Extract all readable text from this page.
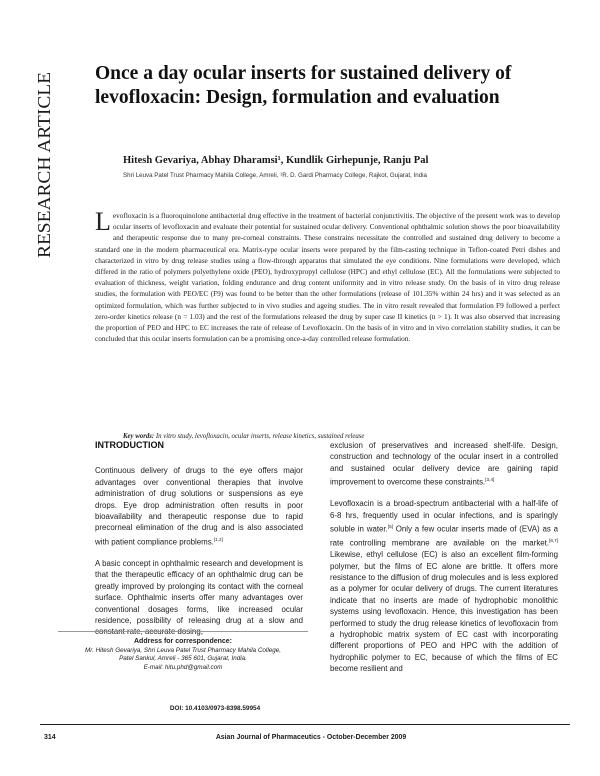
RESEARCH ARTICLE
Once a day ocular inserts for sustained delivery of levofloxacin: Design, formulation and evaluation

Hitesh Gevariya, Abhay Dharamsi¹, Kundlik Girhepunje, Ranju Pal

Shri Leuva Patel Trust Pharmacy Mahila College, Amreli, ¹R. D. Gardi Pharmacy College, Rajkot, Gujarat, India

L evofloxacin is a fluoroquinolone antibacterial drug effective in the treatment of bacterial conjunctivitis. The objective of the present work was to develop ocular inserts of levofloxacin and evaluate their potential for sustained ocular delivery. Conventional ophthalmic solution shows the poor bioavailability and therapeutic response due to many pre-corneal constraints. These constrains necessitate the controlled and sustained drug delivery to become a standard one in the modern pharmaceutical era. Matrix-type ocular inserts were prepared by the film-casting technique in Teflon-coated Petri dishes and characterized in vitro by drug release studies using a flow-through apparatus that simulated the eye conditions. Nine formulations were developed, which differed in the ratio of polymers polyethylene oxide (PEO), hydroxypropyl cellulose (HPC) and ethyl cellulose (EC). All the formulations were subjected to evaluation of thickness, weight variation, folding endurance and drug content uniformity and in vitro release study. On the basis of in vitro drug release studies, the formulation with PEO/EC (F9) was found to be better than the other formulations (release of 101.35% within 24 hrs) and it was selected as an optimized formulation, which was further subjected to in vivo studies and ageing studies. The in vitro result revealed that formulation F9 followed a perfect zero-order kinetics release (n = 1.03) and the rest of the formulations released the drug by super case II kinetics (n > 1). It was also observed that increasing the proportion of PEO and HPC to EC increases the rate of release of Levofloxacin. On the basis of in vitro and in vivo correlation stability studies, it can be concluded that this ocular inserts formulation can be a promising once-a-day controlled release formulation.

Key words: In vitro study, levofloxacin, ocular inserts, release kinetics, sustained release

INTRODUCTION

Continuous delivery of drugs to the eye offers major advantages over conventional therapies that involve administration of drug solutions or suspensions as eye drops. Eye drop administration often results in poor bioavailability and therapeutic response due to rapid precorneal elimination of the drug and is also associated with patient compliance problems.[1,2]

A basic concept in ophthalmic research and development is that the therapeutic efficacy of an ophthalmic drug can be greatly improved by prolonging its contact with the corneal surface. Ophthalmic inserts offer many advantages over conventional dosages forms, like increased ocular residence, possibility of releasing drug at a slow and constant rate, accurate dosing,

exclusion of preservatives and increased shelf-life. Design, construction and technology of the ocular insert in a controlled and sustained ocular delivery device are gaining rapid improvement to overcome these constraints.[3,4]

Levofloxacin is a broad-spectrum antibacterial with a half-life of 6-8 hrs, frequently used in ocular infections, and is sparingly soluble in water.[5] Only a few ocular inserts made of (EVA) as a rate controlling membrane are available on the market.[6,7] Likewise, ethyl cellulose (EC) is also an excellent film-forming polymer, but the films of EC alone are brittle. It offers more resistance to the diffusion of drug molecules and is less explored as a polymer for ocular delivery of drugs. The current literatures indicate that no inserts are made of hydrophobic monolithic systems using levofloxacin. Hence, this investigation has been performed to study the drug release kinetics of levofloxacin from a hydrophobic matrix system of EC cast with incorporating different proportions of PEO and HPC with the addition of hydrophilic polymer to EC, because of which the films of EC become resilient and

Address for correspondence:

Mr. Hitesh Gevariya, Shri Leuva Patel Trust Pharmacy Mahila College,

Patel Sankul, Amreli - 365 601, Gujarat, India.

E-mail: hitu.phd@gmail.com

DOI: 10.4103/0973-8398.59954
314	Asian Journal of Pharmaceutics - October-December 2009
